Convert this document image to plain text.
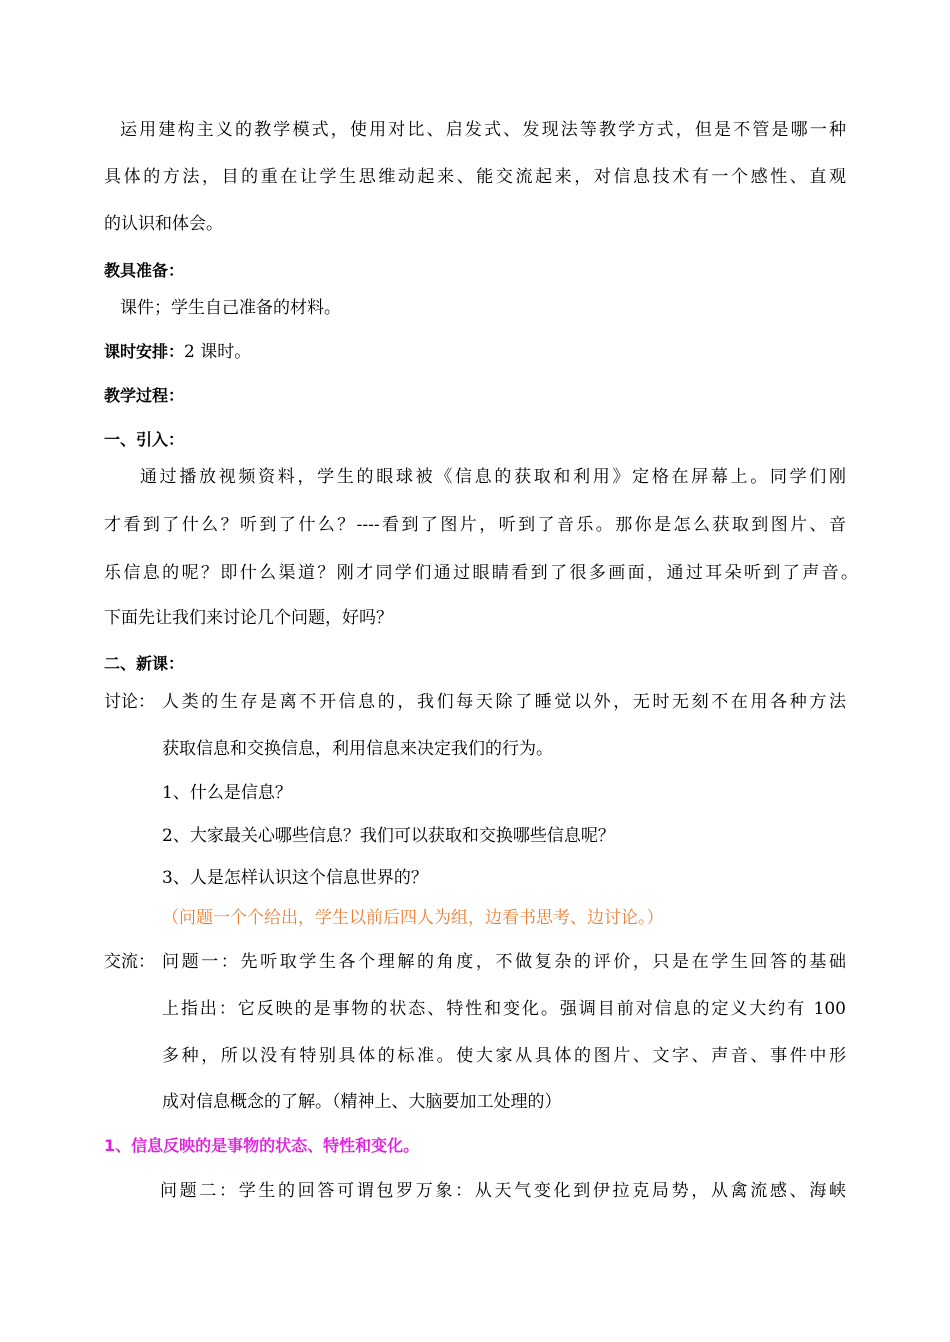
运用建构主义的教学模式，使用对比、启发式、发现法等教学方式，但是不管是哪一种
具体的方法，目的重在让学生思维动起来、能交流起来，对信息技术有一个感性、直观
的认识和体会。
教具准备：
课件；学生自己准备的材料。
课时安排：2 课时。
教学过程：
一、引入：
通过播放视频资料，学生的眼球被《信息的获取和利用》定格在屏幕上。同学们刚
才看到了什么？听到了什么？----看到了图片，听到了音乐。那你是怎么获取到图片、音
乐信息的呢？即什么渠道？刚才同学们通过眼睛看到了很多画面，通过耳朵听到了声音。
下面先让我们来讨论几个问题，好吗？
二、新课：
讨论： 人类的生存是离不开信息的，我们每天除了睡觉以外，无时无刻不在用各种方法
获取信息和交换信息，利用信息来决定我们的行为。
1、什么是信息？
2、大家最关心哪些信息？我们可以获取和交换哪些信息呢？
3、人是怎样认识这个信息世界的？
（问题一个个给出，学生以前后四人为组，边看书思考、边讨论。）
交流： 问题一：先听取学生各个理解的角度，不做复杂的评价，只是在学生回答的基础
上指出：它反映的是事物的状态、特性和变化。强调目前对信息的定义大约有 100
多种，所以没有特别具体的标准。使大家从具体的图片、文字、声音、事件中形
成对信息概念的了解。（精神上、大脑要加工处理的）
1、信息反映的是事物的状态、特性和变化。
问题二：学生的回答可谓包罗万象：从天气变化到伊拉克局势，从禽流感、海峡
